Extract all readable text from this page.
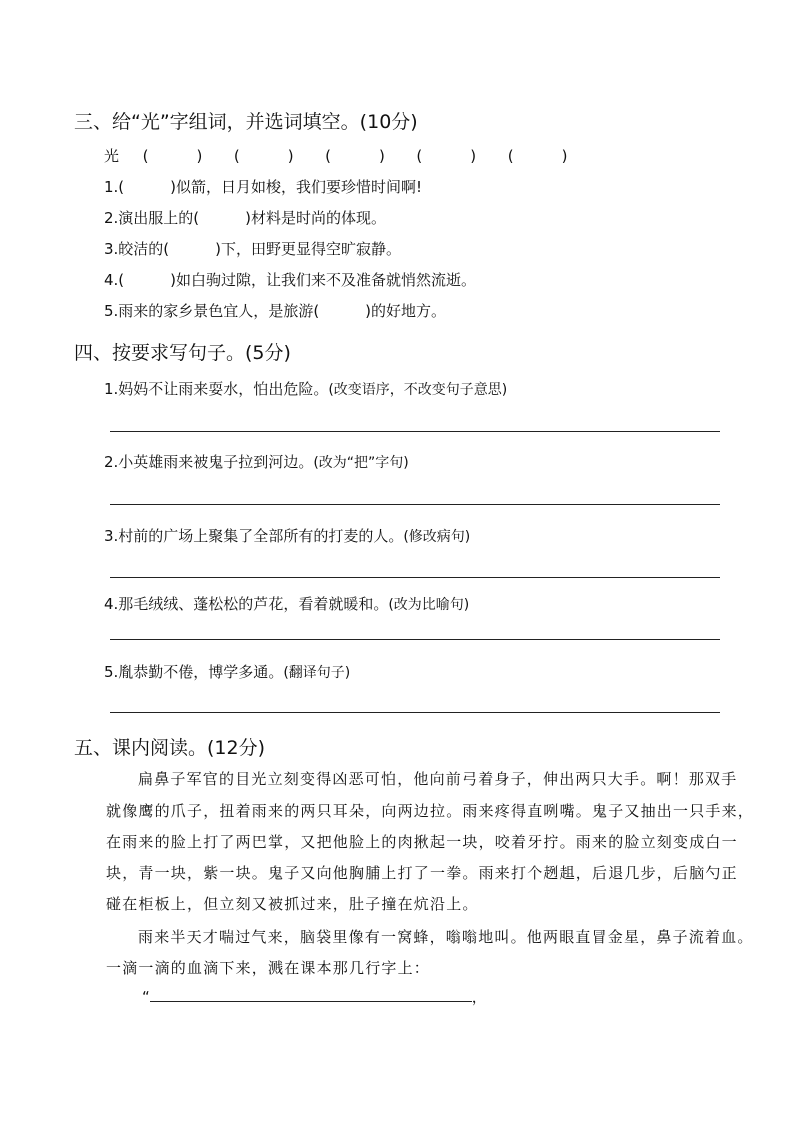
三、给“光”字组词，并选词填空。(10分)
光 (	) (	) (	) (	) (	)
1.(	)似箭，日月如梭，我们要珍惜时间啊!
2.演出服上的(	)材料是时尚的体现。
3.皎洁的(	)下，田野更显得空旷寂静。
4.(	)如白驹过隙，让我们来不及准备就悄然流逝。
5.雨来的家乡景色宜人，是旅游(	)的好地方。
四、按要求写句子。(5分)
1.妈妈不让雨来耍水，怕出危险。(改变语序，不改变句子意思)
2.小英雄雨来被鬼子拉到河边。(改为“把”字句)
3.村前的广场上聚集了全部所有的打麦的人。(修改病句)
4.那毛绒绒、蓬松松的芦花，看着就暖和。(改为比喻句)
5.胤恭勤不倦，博学多通。(翻译句子)
五、课内阅读。(12分)
扁鼻子军官的目光立刻变得凶恶可怕，他向前弓着身子，伸出两只大手。啊！那双手
就像鹰的爪子，扭着雨来的两只耳朵，向两边拉。雨来疼得直咧嘴。鬼子又抽出一只手来，
在雨来的脸上打了两巴掌，又把他脸上的肉揪起一块，咬着牙拧。雨来的脸立刻变成白一
块，青一块，紫一块。鬼子又向他胸脯上打了一拳。雨来打个趔趄，后退几步，后脑勺正
碰在柜板上，但立刻又被抓过来，肚子撞在炕沿上。
雨来半天才喘过气来，脑袋里像有一窝蜂，嗡嗡地叫。他两眼直冒金星，鼻子流着血。
一滴一滴的血滴下来，溅在课本那几行字上：
“	，
